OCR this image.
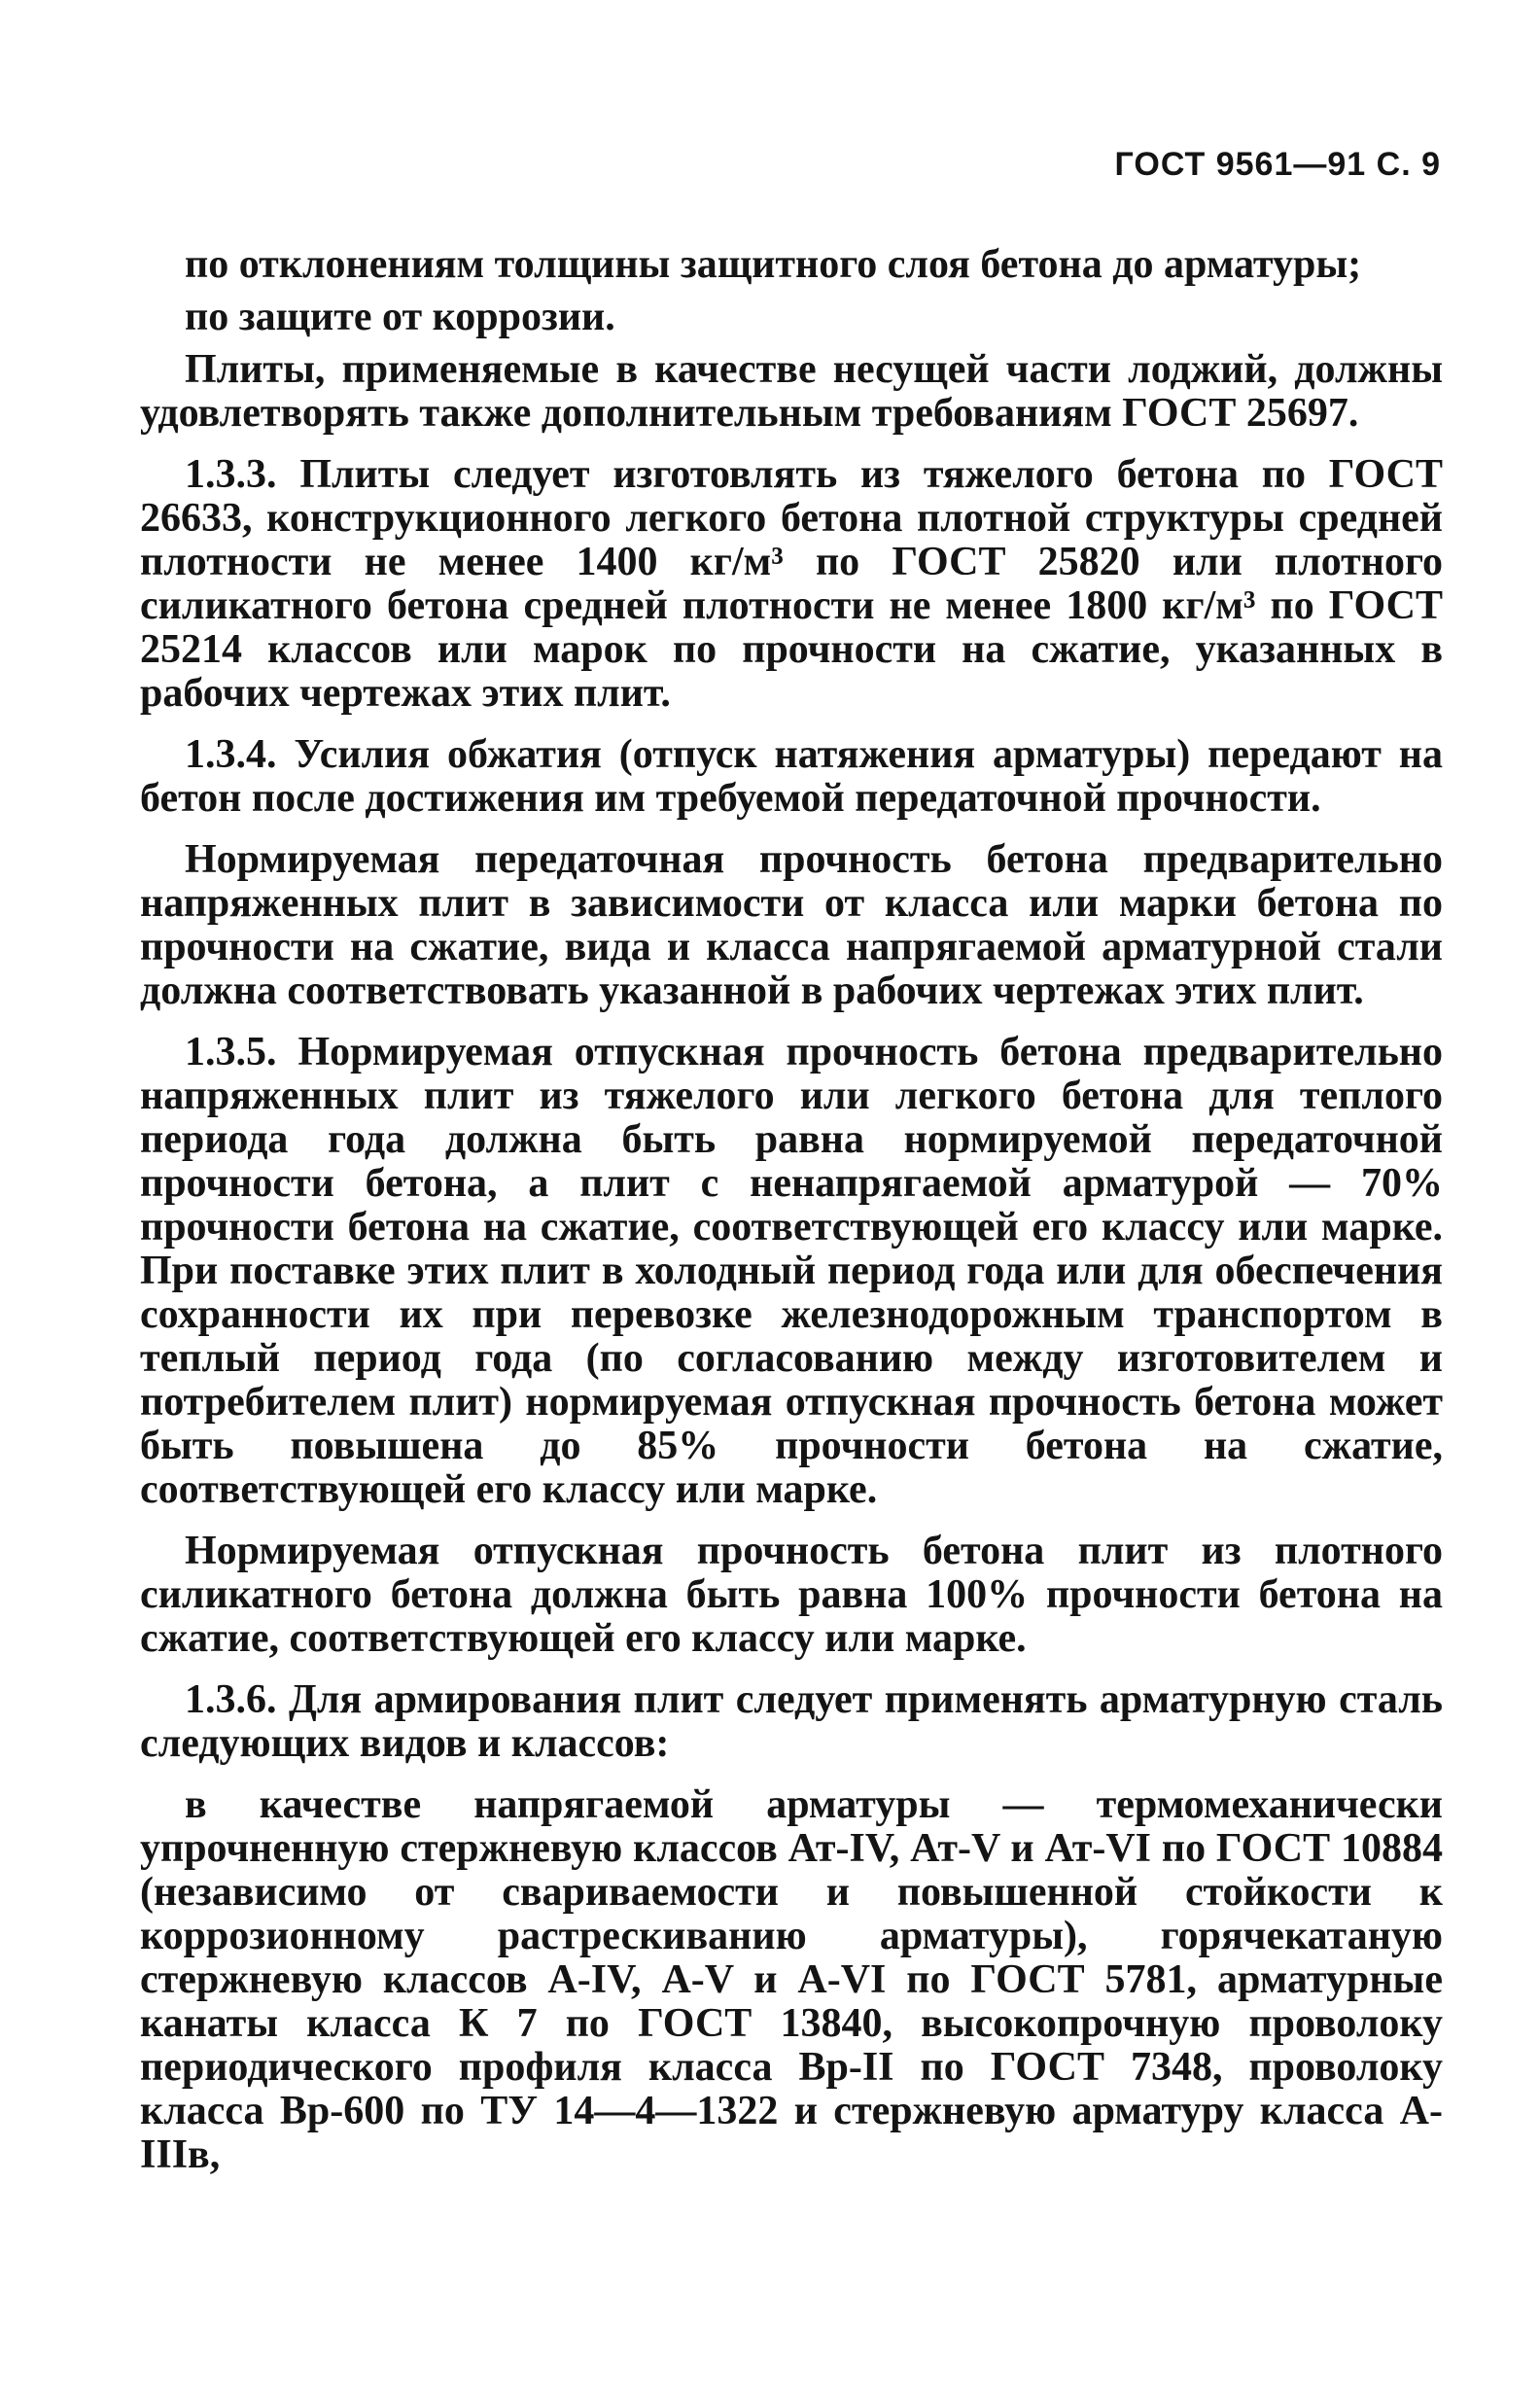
ГОСТ 9561—91 С. 9

по отклонениям толщины защитного слоя бетона до арматуры;

по защите от коррозии.

Плиты, применяемые в качестве несущей части лоджий, должны удовлетворять также дополнительным требованиям ГОСТ 25697.

1.3.3. Плиты следует изготовлять из тяжелого бетона по ГОСТ 26633, конструкционного легкого бетона плотной структуры средней плотности не менее 1400 кг/м³ по ГОСТ 25820 или плотного силикатного бетона средней плотности не менее 1800 кг/м³ по ГОСТ 25214 классов или марок по прочности на сжатие, указанных в рабочих чертежах этих плит.

1.3.4. Усилия обжатия (отпуск натяжения арматуры) передают на бетон после достижения им требуемой передаточной прочности.

Нормируемая передаточная прочность бетона предварительно напряженных плит в зависимости от класса или марки бетона по прочности на сжатие, вида и класса напрягаемой арматурной стали должна соответствовать указанной в рабочих чертежах этих плит.

1.3.5. Нормируемая отпускная прочность бетона предварительно напряженных плит из тяжелого или легкого бетона для теплого периода года должна быть равна нормируемой передаточной прочности бетона, а плит с ненапрягаемой арматурой — 70% прочности бетона на сжатие, соответствующей его классу или марке. При поставке этих плит в холодный период года или для обеспечения сохранности их при перевозке железнодорожным транспортом в теплый период года (по согласованию между изготовителем и потребителем плит) нормируемая отпускная прочность бетона может быть повышена до 85% прочности бетона на сжатие, соответствующей его классу или марке.

Нормируемая отпускная прочность бетона плит из плотного силикатного бетона должна быть равна 100% прочности бетона на сжатие, соответствующей его классу или марке.

1.3.6. Для армирования плит следует применять арматурную сталь следующих видов и классов:

в качестве напрягаемой арматуры — термомеханически упрочненную стержневую классов Ат-IV, Ат-V и Ат-VI по ГОСТ 10884 (независимо от свариваемости и повышенной стойкости к коррозионному растрескиванию арматуры), горячекатаную стержневую классов А-IV, А-V и А-VI по ГОСТ 5781, арматурные канаты класса К 7 по ГОСТ 13840, высокопрочную проволоку периодического профиля класса Вр-II по ГОСТ 7348, проволоку класса Вр-600 по ТУ 14—4—1322 и стержневую арматуру класса А-IIIв,
